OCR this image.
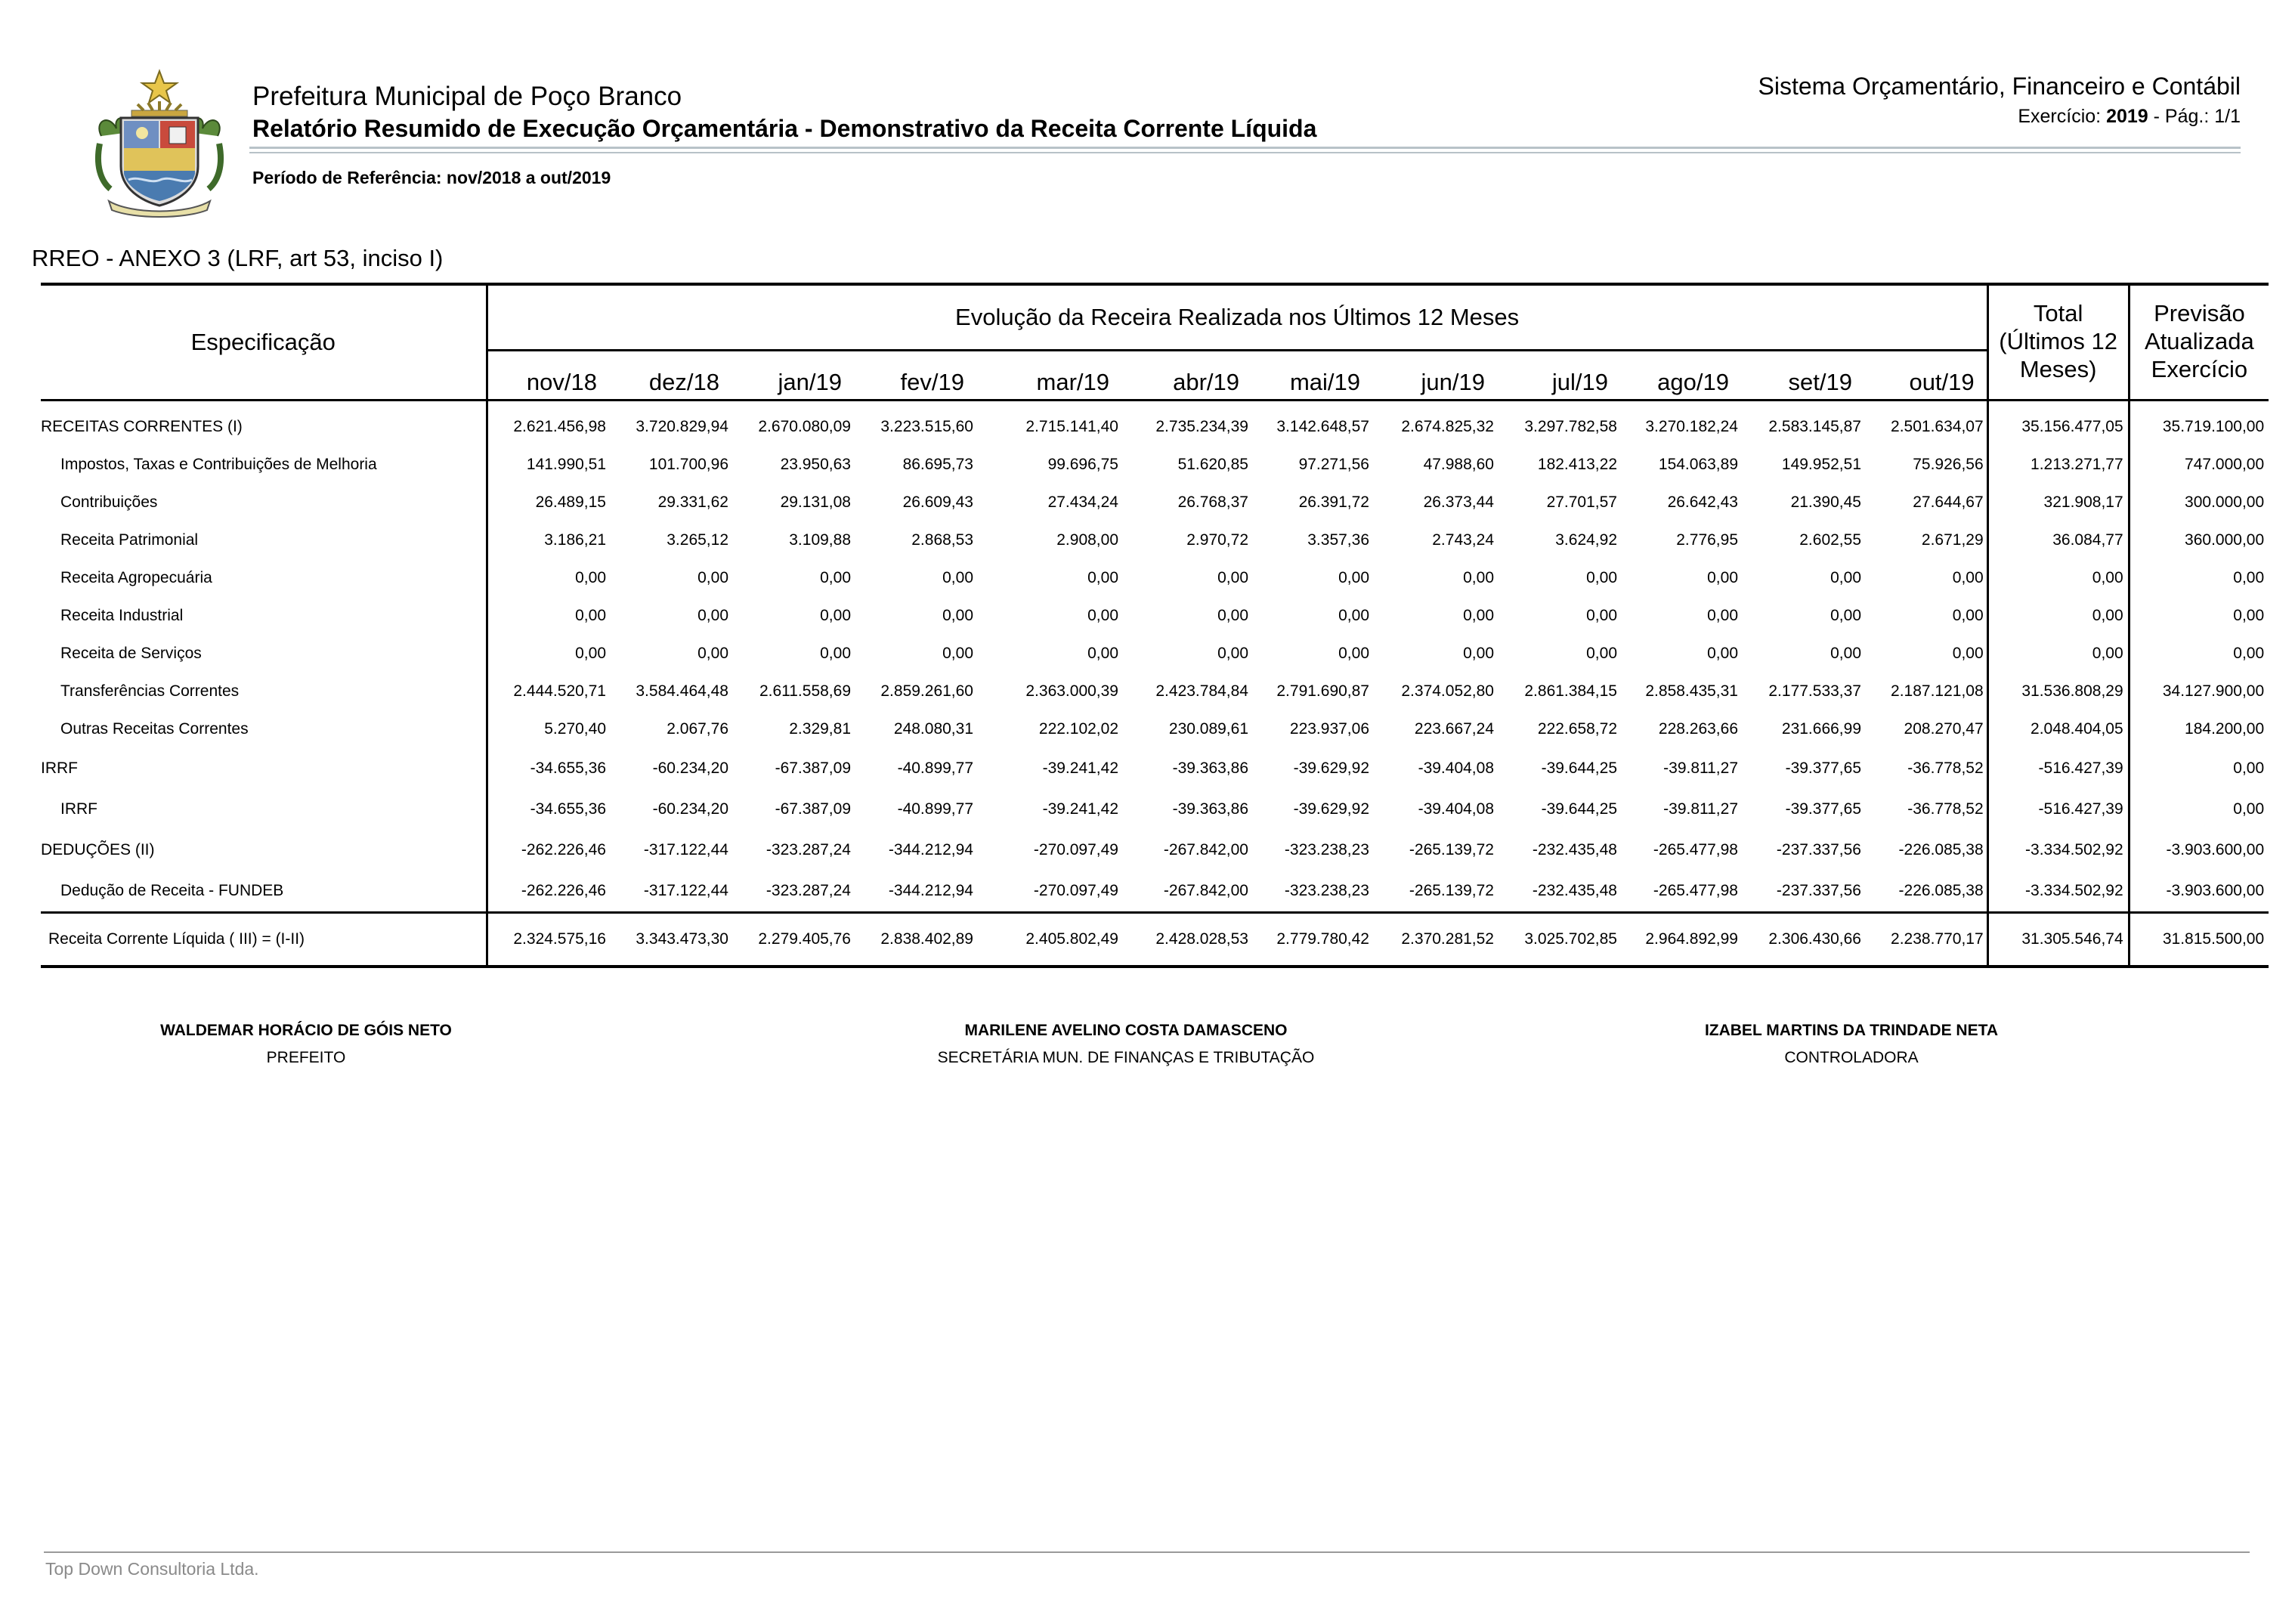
Prefeitura Municipal de Poço Branco
Relatório Resumido de Execução Orçamentária - Demonstrativo da Receita Corrente Líquida
Sistema Orçamentário, Financeiro e Contábil
Exercício: 2019 - Pág.: 1/1
Período de Referência: nov/2018 a out/2019
RREO - ANEXO 3 (LRF, art 53, inciso I)
Especificação	Evolução da Receira Realizada nos Últimos 12 Meses												Total
(Últimos 12
Meses)	Previsão
Atualizada
Exercício
	nov/18	dez/18	jan/19	fev/19	mar/19	abr/19	mai/19	jun/19	jul/19	ago/19	set/19	out/19		
RECEITAS CORRENTES (I)	2.621.456,98	3.720.829,94	2.670.080,09	3.223.515,60	2.715.141,40	2.735.234,39	3.142.648,57	2.674.825,32	3.297.782,58	3.270.182,24	2.583.145,87	2.501.634,07	35.156.477,05	35.719.100,00
Impostos, Taxas e Contribuições de Melhoria	141.990,51	101.700,96	23.950,63	86.695,73	99.696,75	51.620,85	97.271,56	47.988,60	182.413,22	154.063,89	149.952,51	75.926,56	1.213.271,77	747.000,00
Contribuições	26.489,15	29.331,62	29.131,08	26.609,43	27.434,24	26.768,37	26.391,72	26.373,44	27.701,57	26.642,43	21.390,45	27.644,67	321.908,17	300.000,00
Receita Patrimonial	3.186,21	3.265,12	3.109,88	2.868,53	2.908,00	2.970,72	3.357,36	2.743,24	3.624,92	2.776,95	2.602,55	2.671,29	36.084,77	360.000,00
Receita Agropecuária	0,00	0,00	0,00	0,00	0,00	0,00	0,00	0,00	0,00	0,00	0,00	0,00	0,00	0,00
Receita Industrial	0,00	0,00	0,00	0,00	0,00	0,00	0,00	0,00	0,00	0,00	0,00	0,00	0,00	0,00
Receita de Serviços	0,00	0,00	0,00	0,00	0,00	0,00	0,00	0,00	0,00	0,00	0,00	0,00	0,00	0,00
Transferências Correntes	2.444.520,71	3.584.464,48	2.611.558,69	2.859.261,60	2.363.000,39	2.423.784,84	2.791.690,87	2.374.052,80	2.861.384,15	2.858.435,31	2.177.533,37	2.187.121,08	31.536.808,29	34.127.900,00
Outras Receitas Correntes	5.270,40	2.067,76	2.329,81	248.080,31	222.102,02	230.089,61	223.937,06	223.667,24	222.658,72	228.263,66	231.666,99	208.270,47	2.048.404,05	184.200,00
IRRF	-34.655,36	-60.234,20	-67.387,09	-40.899,77	-39.241,42	-39.363,86	-39.629,92	-39.404,08	-39.644,25	-39.811,27	-39.377,65	-36.778,52	-516.427,39	0,00
IRRF	-34.655,36	-60.234,20	-67.387,09	-40.899,77	-39.241,42	-39.363,86	-39.629,92	-39.404,08	-39.644,25	-39.811,27	-39.377,65	-36.778,52	-516.427,39	0,00
DEDUÇÕES (II)	-262.226,46	-317.122,44	-323.287,24	-344.212,94	-270.097,49	-267.842,00	-323.238,23	-265.139,72	-232.435,48	-265.477,98	-237.337,56	-226.085,38	-3.334.502,92	-3.903.600,00
Dedução de Receita - FUNDEB	-262.226,46	-317.122,44	-323.287,24	-344.212,94	-270.097,49	-267.842,00	-323.238,23	-265.139,72	-232.435,48	-265.477,98	-237.337,56	-226.085,38	-3.334.502,92	-3.903.600,00
Receita Corrente Líquida ( III) = (I-II)	2.324.575,16	3.343.473,30	2.279.405,76	2.838.402,89	2.405.802,49	2.428.028,53	2.779.780,42	2.370.281,52	3.025.702,85	2.964.892,99	2.306.430,66	2.238.770,17	31.305.546,74	31.815.500,00
WALDEMAR HORÁCIO DE GÓIS NETO
PREFEITO
MARILENE AVELINO COSTA DAMASCENO
SECRETÁRIA MUN. DE FINANÇAS E TRIBUTAÇÃO
IZABEL MARTINS DA TRINDADE NETA
CONTROLADORA
Top Down Consultoria Ltda.
